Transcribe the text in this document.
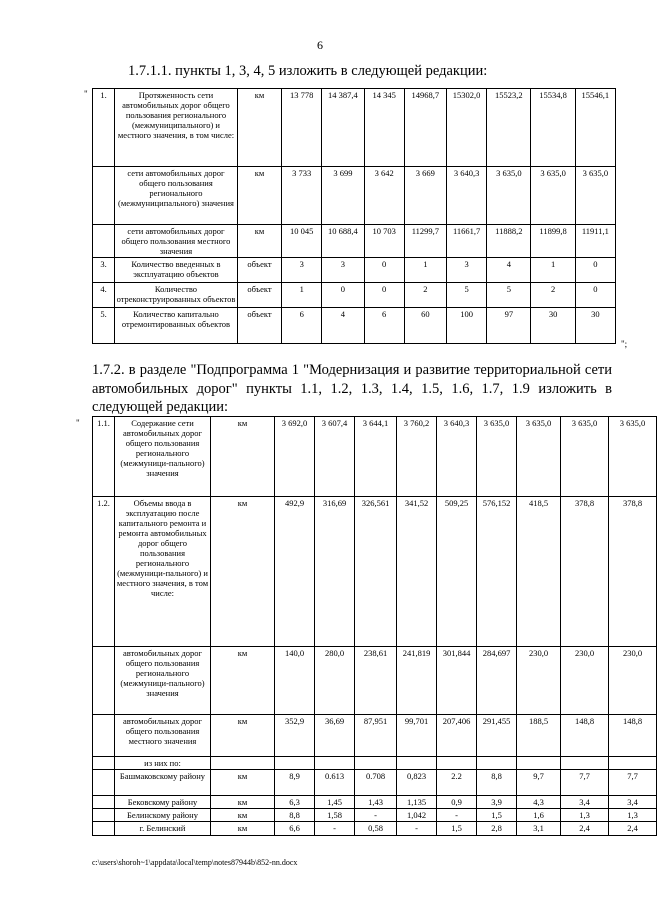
6
1.7.1.1. пункты 1, 3, 4, 5 изложить в следующей редакции:
" 1.	Протяженность сети автомобильных дорог общего пользования регионального (межмуниципального) и местного значения, в том числе:	км	13 778	14 387,4	14 345	14968,7	15302,0	15523,2	15534,8	15546,1	
	сети автомобильных дорог общего пользования регионального (межмуниципального) значения	км	3 733	3 699	3 642	3 669	3 640,3	3 635,0	3 635,0	3 635,0	
	сети автомобильных дорог общего пользования местного значения	км	10 045	10 688,4	10 703	11299,7	11661,7	11888,2	11899,8	11911,1	
3.	Количество введенных в эксплуатацию объектов	объект	3	3	0	1	3	4	1	0	
4.	Количество отреконструированных объектов	объект	1	0	0	2	5	5	2	0	
5.	Количество капитально отремонтированных объектов	объект	6	4	6	60	100	97	30	30	
";
1.7.2. в разделе "Подпрограмма 1 "Модернизация и развитие территориальной сети автомобильных дорог" пункты 1.1, 1.2, 1.3, 1.4, 1.5, 1.6, 1.7, 1.9 изложить в следующей редакции:
" 1.1.	Содержание сети автомобильных дорог общего пользования регионального (межмуници-пального) значения	км	3 692,0	3 607,4	3 644,1	3 760,2	3 640,3	3 635,0	3 635,0	3 635,0	3 635,0
1.2.	Объемы ввода в эксплуатацию после капитального ремонта и ремонта автомобильных дорог общего пользования регионального (межмуници-пального) и местного значения, в том числе:	км	492,9	316,69	326,561	341,52	509,25	576,152	418,5	378,8	378,8
	автомобильных дорог общего пользования регионального (межмуници-пального) значения	км	140,0	280,0	238,61	241,819	301,844	284,697	230,0	230,0	230,0
	автомобильных дорог общего пользования местного значения	км	352,9	36,69	87,951	99,701	207,406	291,455	188,5	148,8	148,8
	из них по:										
	Башмаковскому району	км	8,9	0.613	0.708	0,823	2.2	8,8	9,7	7,7	7,7
	Бековскому району	км	6,3	1,45	1,43	1,135	0,9	3,9	4,3	3,4	3,4
	Белинскому району	км	8,8	1,58	-	1,042	-	1,5	1,6	1,3	1,3
	г. Белинский	км	6,6	-	0,58	-	1,5	2,8	3,1	2,4	2,4
c:\users\shoroh~1\appdata\local\temp\notes87944b\852-nn.docx
